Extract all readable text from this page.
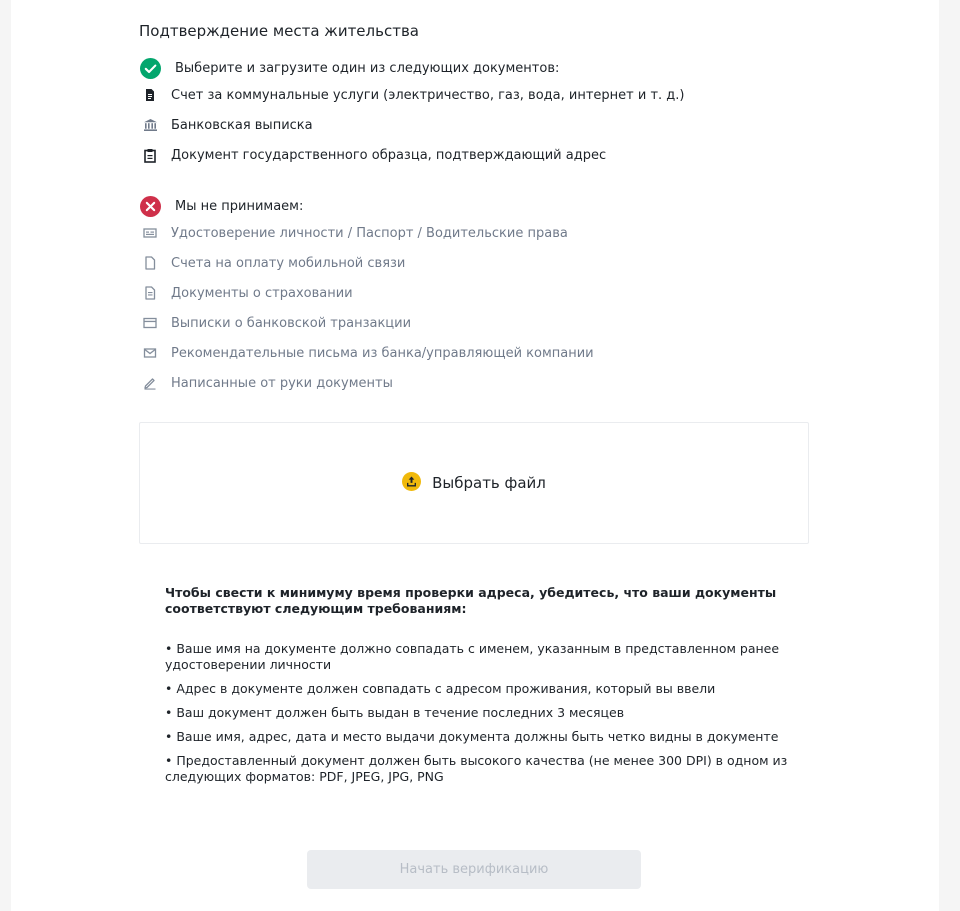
Подтверждение места жительства
Выберите и загрузите один из следующих документов:
Счет за коммунальные услуги (электричество, газ, вода, интернет и т. д.)
Банковская выписка
Документ государственного образца, подтверждающий адрес
Мы не принимаем:
Удостоверение личности / Паспорт / Водительские права
Счета на оплату мобильной связи
Документы о страховании
Выписки о банковской транзакции
Рекомендательные письма из банка/управляющей компании
Написанные от руки документы
Выбрать файл

Чтобы свести к минимуму время проверки адреса, убедитесь, что ваши документы соответствуют следующим требованиям:

• Ваше имя на документе должно совпадать с именем, указанным в представленном ранее удостоверении личности
• Адрес в документе должен совпадать с адресом проживания, который вы ввели
• Ваш документ должен быть выдан в течение последних 3 месяцев
• Ваше имя, адрес, дата и место выдачи документа должны быть четко видны в документе
• Предоставленный документ должен быть высокого качества (не менее 300 DPI) в одном из следующих форматов: PDF, JPEG, JPG, PNG
Начать верификацию
